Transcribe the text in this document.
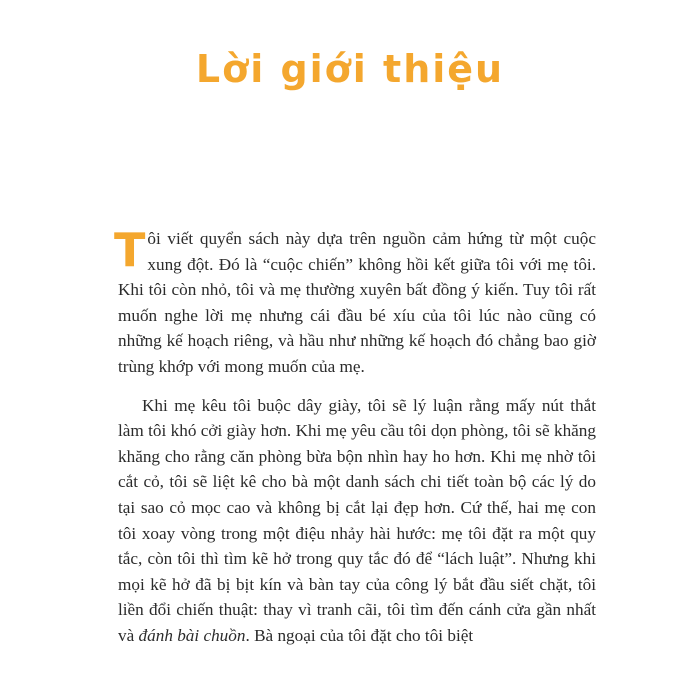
Lời giới thiệu

Tôi viết quyển sách này dựa trên nguồn cảm hứng từ một cuộc xung đột. Đó là “cuộc chiến” không hồi kết giữa tôi với mẹ tôi. Khi tôi còn nhỏ, tôi và mẹ thường xuyên bất đồng ý kiến. Tuy tôi rất muốn nghe lời mẹ nhưng cái đầu bé xíu của tôi lúc nào cũng có những kế hoạch riêng, và hầu như những kế hoạch đó chẳng bao giờ trùng khớp với mong muốn của mẹ.

Khi mẹ kêu tôi buộc dây giày, tôi sẽ lý luận rằng mấy nút thắt làm tôi khó cởi giày hơn. Khi mẹ yêu cầu tôi dọn phòng, tôi sẽ khăng khăng cho rằng căn phòng bừa bộn nhìn hay ho hơn. Khi mẹ nhờ tôi cắt cỏ, tôi sẽ liệt kê cho bà một danh sách chi tiết toàn bộ các lý do tại sao cỏ mọc cao và không bị cắt lại đẹp hơn. Cứ thế, hai mẹ con tôi xoay vòng trong một điệu nhảy hài hước: mẹ tôi đặt ra một quy tắc, còn tôi thì tìm kẽ hở trong quy tắc đó để “lách luật”. Nhưng khi mọi kẽ hở đã bị bịt kín và bàn tay của công lý bắt đầu siết chặt, tôi liền đổi chiến thuật: thay vì tranh cãi, tôi tìm đến cánh cửa gần nhất và đánh bài chuồn. Bà ngoại của tôi đặt cho tôi biệt
